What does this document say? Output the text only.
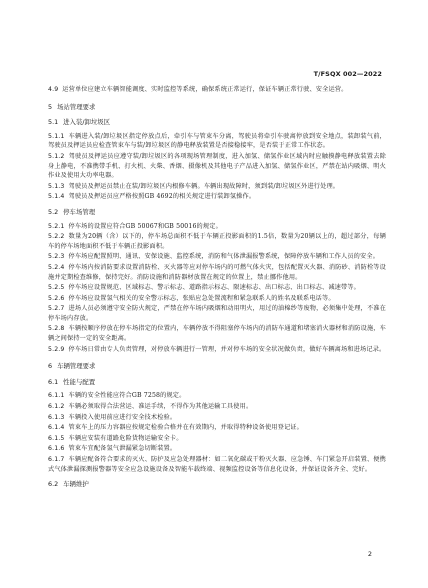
T/FSQX 002—2022
4.9 运营单位应建立车辆智能调度、实时监控等系统，确保系统正常运行，保证车辆正常行驶、安全运营。
5 场站管理要求
5.1 进入装/卸垃圾区
5.1.1 车辆进入装/卸垃圾区指定停放点后，牵引车与管束车分离，驾驶员将牵引车驶离停放到安全地点，装卸装气前，驾驶员及押运员应检查管束车与装/卸垃圾区的静电释放装置是否接稳接牢，是否装于正常工作状态。
5.1.2 驾驶员及押运员应遵守装/卸垃圾区的各项现场管理制度，进入加氢、储氢作业区域内时应触摸静电释放装置去除身上静电，不准携带手机、打火机、火柴、香烟、摄像机及其他电子产品进入加氢、储氢作业区，严禁在站内吸烟、明火作业及使用大功率电器。
5.1.3 驾驶员及押运员禁止在装/卸垃圾区内根修车辆。车辆出现故障时，须到装/卸垃圾区外进行处理。
5.1.4 驾驶员及押运员应严格按照GB 4692的相关规定进行装卸氢操作。
5.2 停车场管理
5.2.1 停车场的设置应符合GB 50067和GB 50016的规定。
5.2.2 数量为20辆（含）以下的，停车场总面积不低于车辆正投影面积的1.5倍，数量为20辆以上的，超过部分，每辆车的停车场地面积不低于车辆正投影面积。
5.2.3 停车场应配置照明、通讯、安保设施、监控系统，消防和气体泄漏报警系统，保障停放车辆和工作人员的安全。
5.2.4 停车场内按消防要求设置消防栓、灭火器等应对停车场内的可燃气体火灾，包括配置灭火器、消防砂、消防栓等设施并定期检查维修，保持完好。消防设施和消防器材放置在规定的位置上，禁止挪作他用。
5.2.5 停车场应设置规范、区域标志、警示标志、道路指示标志、限速标志、出口标志、出口标志、减速带等。
5.2.6 停车场应设置氢气相关的安全警示标志，张贴应急处置流程和紧急联系人的姓名及联系电话等。
5.2.7 进场人员必须遵守安全防火规定，严禁在停车场内吸烟和动用明火，用过的油棉纱等废物，必须集中处理，不准在停车场内存放。
5.2.8 车辆按顺序停放在停车场指定的位置内，车辆停放不得阻塞停车场内的消防车通道和堵塞消火器材和消防设施，车辆之间保持一定的安全距离。
5.2.9 停车场日常由专人负责管理，对停放车辆进行一管理，并对停车场的安全状况做负责，做好车辆离场和进场记录。
6 车辆管理要求
6.1 性能与配置
6.1.1 车辆的安全性能应符合GB 7258的规定。
6.1.2 车辆必须取得合法营运、准运手续，不得作为其他运输工具使用。
6.1.3 车辆投入使用前应进行安全技术检验。
6.1.4 管束车上的压力容器应按规定检验合格并在有效期内，并取得特种设备使用登记证。
6.1.5 车辆应安装有道路危险货物运输安全卡。
6.1.6 管束车宜配备氢气泄漏紧急切断装置。
6.1.7 车辆应配备符合要求的灭火、防护及应急处理器材：如二氧化碳或干粉灭火器、应急锤、车门紧急开启装置、便携式气体泄漏探测报警器等安全应急设施设备及智能车载终端、视频监控设备等信息化设备，并保证设备齐全、完好。
6.2 车辆维护
2
